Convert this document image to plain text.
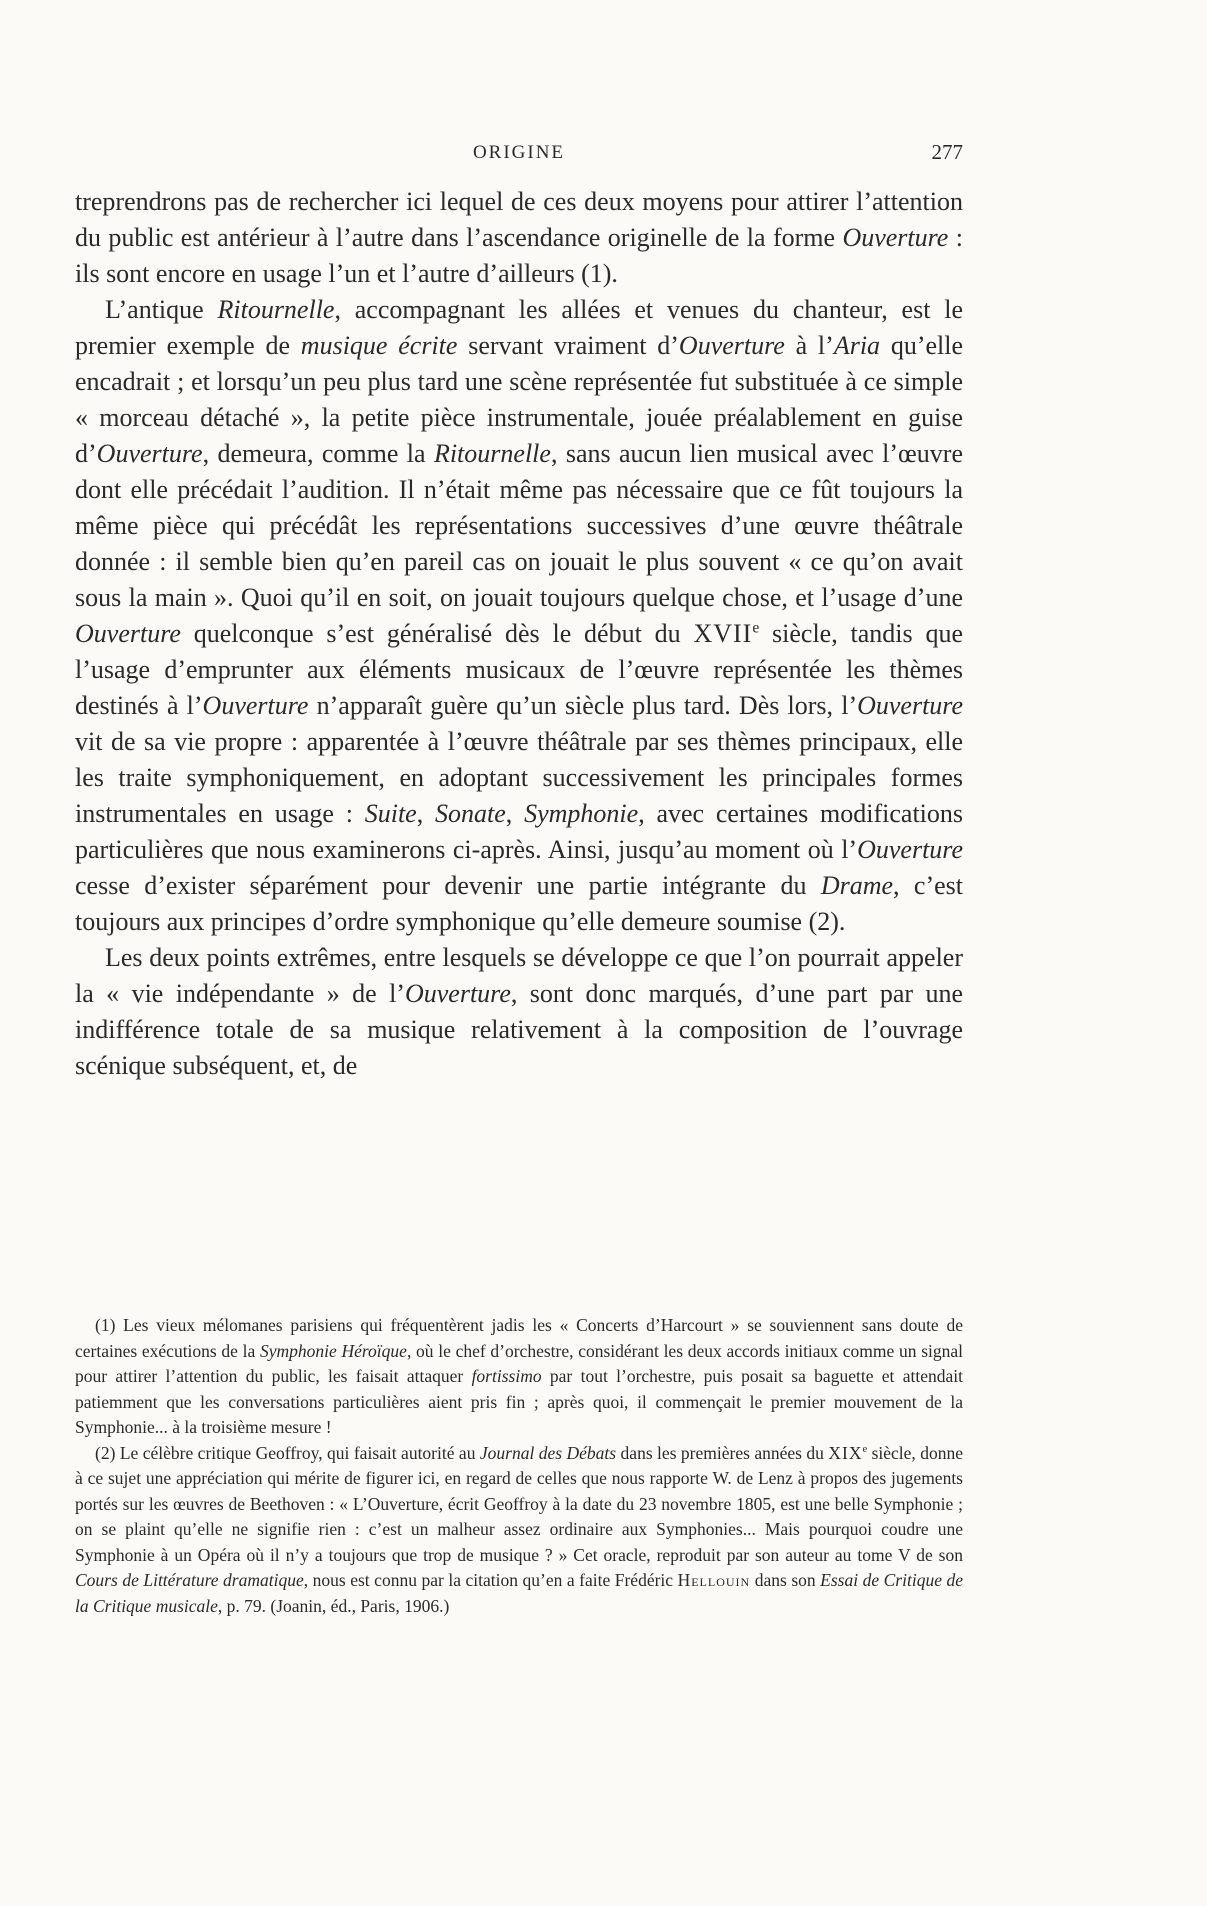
ORIGINE	277

treprendrons pas de rechercher ici lequel de ces deux moyens pour attirer l’attention du public est antérieur à l’autre dans l’ascendance originelle de la forme Ouverture : ils sont encore en usage l’un et l’autre d’ailleurs (1).

L’antique Ritournelle, accompagnant les allées et venues du chanteur, est le premier exemple de musique écrite servant vraiment d’Ouverture à l’Aria qu’elle encadrait ; et lorsqu’un peu plus tard une scène représentée fut substituée à ce simple « morceau détaché », la petite pièce instrumentale, jouée préalablement en guise d’Ouverture, demeura, comme la Ritournelle, sans aucun lien musical avec l’œuvre dont elle précédait l’audition. Il n’était même pas nécessaire que ce fût toujours la même pièce qui précédât les représentations successives d’une œuvre théâtrale donnée : il semble bien qu’en pareil cas on jouait le plus souvent « ce qu’on avait sous la main ». Quoi qu’il en soit, on jouait toujours quelque chose, et l’usage d’une Ouverture quelconque s’est généralisé dès le début du XVIIe siècle, tandis que l’usage d’emprunter aux éléments musicaux de l’œuvre représentée les thèmes destinés à l’Ouverture n’apparaît guère qu’un siècle plus tard. Dès lors, l’Ouverture vit de sa vie propre : apparentée à l’œuvre théâtrale par ses thèmes principaux, elle les traite symphoniquement, en adoptant successivement les principales formes instrumentales en usage : Suite, Sonate, Symphonie, avec certaines modifications particulières que nous examinerons ci-après. Ainsi, jusqu’au moment où l’Ouverture cesse d’exister séparément pour devenir une partie intégrante du Drame, c’est toujours aux principes d’ordre symphonique qu’elle demeure soumise (2).

Les deux points extrêmes, entre lesquels se développe ce que l’on pourrait appeler la « vie indépendante » de l’Ouverture, sont donc marqués, d’une part par une indifférence totale de sa musique relativement à la composition de l’ouvrage scénique subséquent, et, de

(1) Les vieux mélomanes parisiens qui fréquentèrent jadis les « Concerts d’Harcourt » se souviennent sans doute de certaines exécutions de la Symphonie Héroïque, où le chef d’orchestre, considérant les deux accords initiaux comme un signal pour attirer l’attention du public, les faisait attaquer fortissimo par tout l’orchestre, puis posait sa baguette et attendait patiemment que les conversations particulières aient pris fin ; après quoi, il commençait le premier mouvement de la Symphonie... à la troisième mesure !

(2) Le célèbre critique Geoffroy, qui faisait autorité au Journal des Débats dans les premières années du XIXe siècle, donne à ce sujet une appréciation qui mérite de figurer ici, en regard de celles que nous rapporte W. de Lenz à propos des jugements portés sur les œuvres de Beethoven : « L’Ouverture, écrit Geoffroy à la date du 23 novembre 1805, est une belle Symphonie ; on se plaint qu’elle ne signifie rien : c’est un malheur assez ordinaire aux Symphonies... Mais pourquoi coudre une Symphonie à un Opéra où il n’y a toujours que trop de musique ? » Cet oracle, reproduit par son auteur au tome V de son Cours de Littérature dramatique, nous est connu par la citation qu’en a faite Frédéric Hellouin dans son Essai de Critique de la Critique musicale, p. 79. (Joanin, éd., Paris, 1906.)
